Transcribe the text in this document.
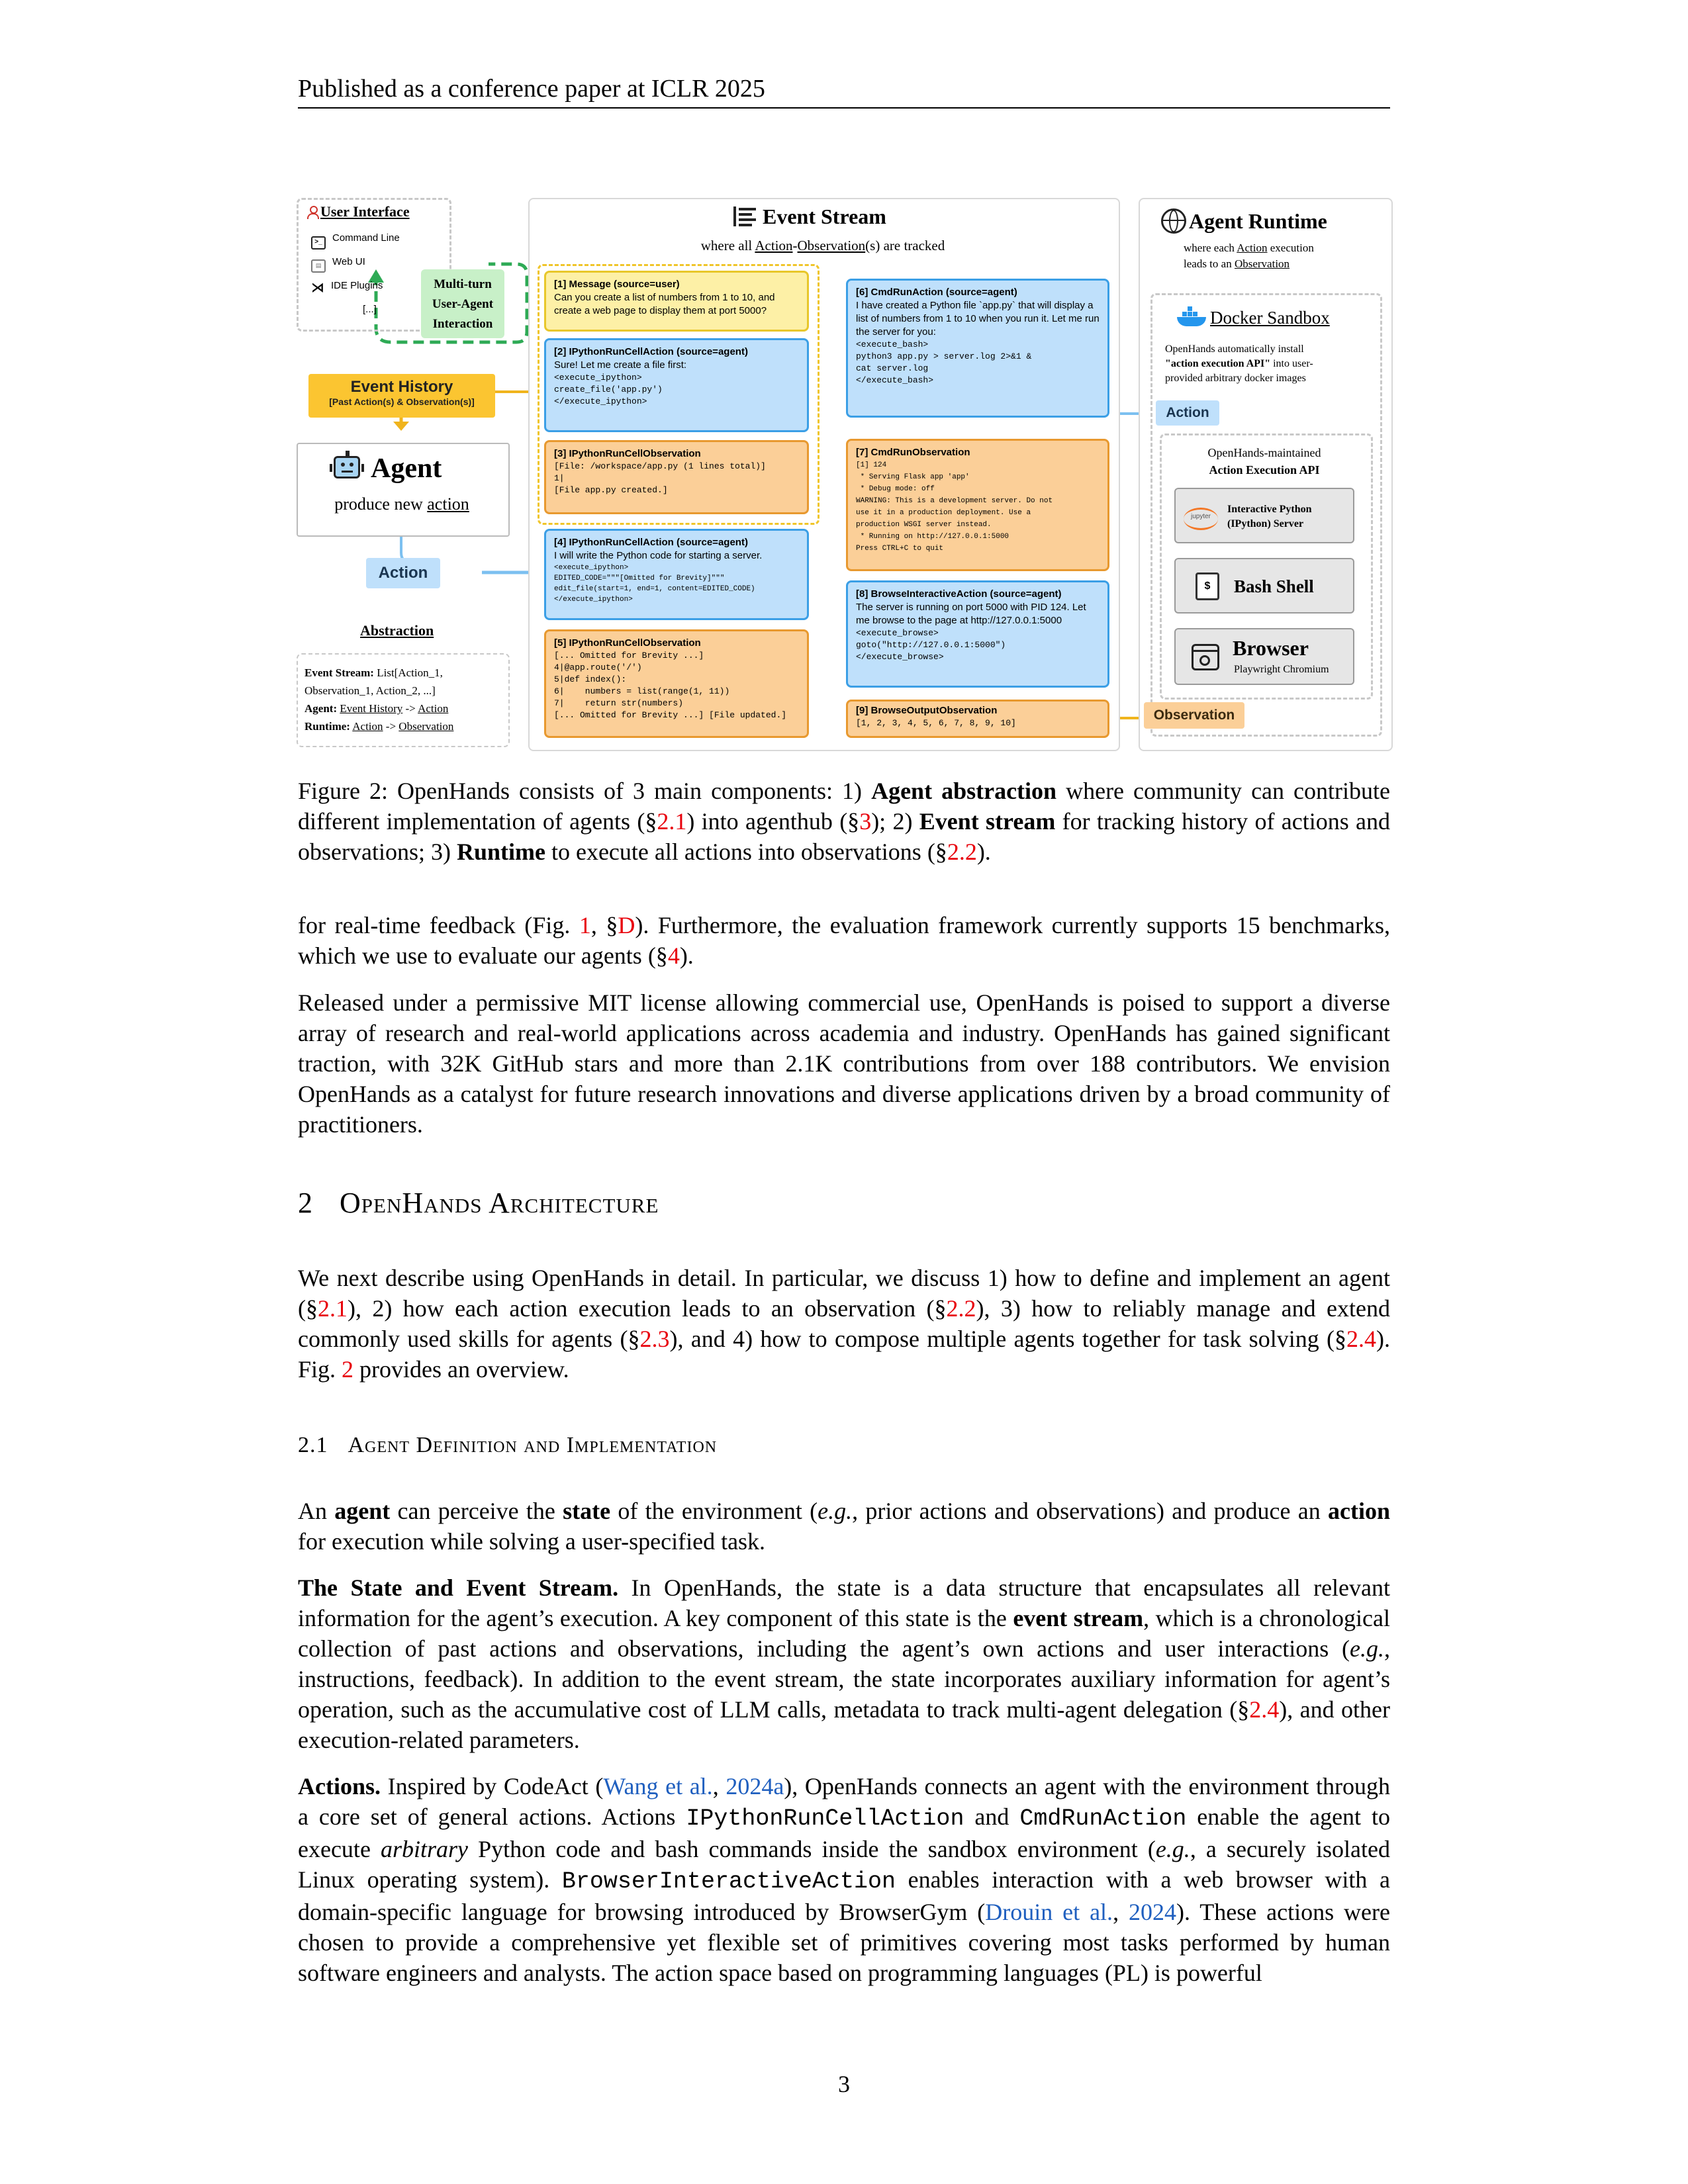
Published as a conference paper at ICLR 2025
User Interface
>_ Command Line
▤ Web UI
⋊ IDE Plugins
[...]
Multi-turn
User-Agent
Interaction
Event History
[Past Action(s) & Observation(s)]
Agent
produce new action
Action
Abstraction
Event Stream: List[Action_1,
Observation_1, Action_2, ...]
Agent: Event History -> Action
Runtime: Action -> Observation
Event Stream
where all Action-Observation(s) are tracked
[1] Message (source=user)
Can you create a list of numbers from 1 to 10, and create a web page to display them at port 5000?
[2] IPythonRunCellAction (source=agent)
Sure! Let me create a file first:
<execute_ipython>
create_file('app.py')
</execute_ipython>
[3] IPythonRunCellObservation
[File: /workspace/app.py (1 lines total)]
1|
[File app.py created.]
[4] IPythonRunCellAction (source=agent)
I will write the Python code for starting a server.
<execute_ipython>
EDITED_CODE="""[Omitted for Brevity]"""
edit_file(start=1, end=1, content=EDITED_CODE)
</execute_ipython>
[5] IPythonRunCellObservation
[... Omitted for Brevity ...]
4|@app.route('/')
5|def index():
6|    numbers = list(range(1, 11))
7|    return str(numbers)
[... Omitted for Brevity ...] [File updated.]
[6] CmdRunAction (source=agent)
I have created a Python file `app.py` that will display a list of numbers from 1 to 10 when you run it. Let me run the server for you:
<execute_bash>
python3 app.py > server.log 2>&1 &
cat server.log
</execute_bash>
[7] CmdRunObservation
[1] 124
* Serving Flask app 'app'
* Debug mode: off
WARNING: This is a development server. Do not
use it in a production deployment. Use a
production WSGI server instead.
* Running on http://127.0.0.1:5000
Press CTRL+C to quit
[8] BrowseInteractiveAction (source=agent)
The server is running on port 5000 with PID 124. Let me browse to the page at http://127.0.0.1:5000
<execute_browse>
goto("http://127.0.0.1:5000")
</execute_browse>
[9] BrowseOutputObservation
[1, 2, 3, 4, 5, 6, 7, 8, 9, 10]
Agent Runtime
where each Action execution
leads to an Observation
Docker Sandbox
OpenHands automatically install
"action execution API" into user-
provided arbitrary docker images
Action
OpenHands-maintained
Action Execution API
jupyter
Interactive Python
(IPython) Server
$	Bash Shell
Browser
Playwright Chromium
Observation
Figure 2: OpenHands consists of 3 main components: 1) Agent abstraction where community can contribute different implementation of agents (§2.1) into agenthub (§3); 2) Event stream for tracking history of actions and observations; 3) Runtime to execute all actions into observations (§2.2).
for real-time feedback (Fig. 1, §D). Furthermore, the evaluation framework currently supports 15 benchmarks, which we use to evaluate our agents (§4).
Released under a permissive MIT license allowing commercial use, OpenHands is poised to support a diverse array of research and real-world applications across academia and industry. OpenHands has gained significant traction, with 32K GitHub stars and more than 2.1K contributions from over 188 contributors. We envision OpenHands as a catalyst for future research innovations and diverse applications driven by a broad community of practitioners.
2 OpenHands Architecture
We next describe using OpenHands in detail. In particular, we discuss 1) how to define and implement an agent (§2.1), 2) how each action execution leads to an observation (§2.2), 3) how to reliably manage and extend commonly used skills for agents (§2.3), and 4) how to compose multiple agents together for task solving (§2.4). Fig. 2 provides an overview.
2.1 Agent Definition and Implementation
An agent can perceive the state of the environment (e.g., prior actions and observations) and produce an action for execution while solving a user-specified task.
The State and Event Stream. In OpenHands, the state is a data structure that encapsulates all relevant information for the agent’s execution. A key component of this state is the event stream, which is a chronological collection of past actions and observations, including the agent’s own actions and user interactions (e.g., instructions, feedback). In addition to the event stream, the state incorporates auxiliary information for agent’s operation, such as the accumulative cost of LLM calls, metadata to track multi-agent delegation (§2.4), and other execution-related parameters.
Actions. Inspired by CodeAct (Wang et al., 2024a), OpenHands connects an agent with the environment through a core set of general actions. Actions IPythonRunCellAction and CmdRunAction enable the agent to execute arbitrary Python code and bash commands inside the sandbox environment (e.g., a securely isolated Linux operating system). BrowserInteractiveAction enables interaction with a web browser with a domain-specific language for browsing introduced by BrowserGym (Drouin et al., 2024). These actions were chosen to provide a comprehensive yet flexible set of primitives covering most tasks performed by human software engineers and analysts. The action space based on programming languages (PL) is powerful
3
